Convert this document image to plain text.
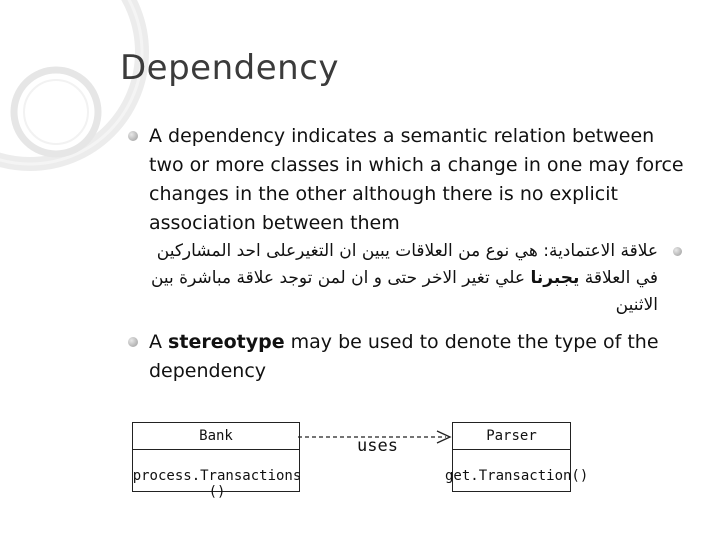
Dependency
A dependency indicates a semantic relation between two or more classes in which a change in one may force changes in the other although there is no explicit association between them
علاقة الاعتمادية: هي نوع من العلاقات يبين ان التغيرعلى احد المشاركين في العلاقة يجبرنا علي تغير الاخر حتى و ان لمن توجد علاقة مباشرة بين الاثنين
A stereotype may be used to denote the type of the dependency
Bank
process.Transactions ()
Parser
get.Transaction()
uses
